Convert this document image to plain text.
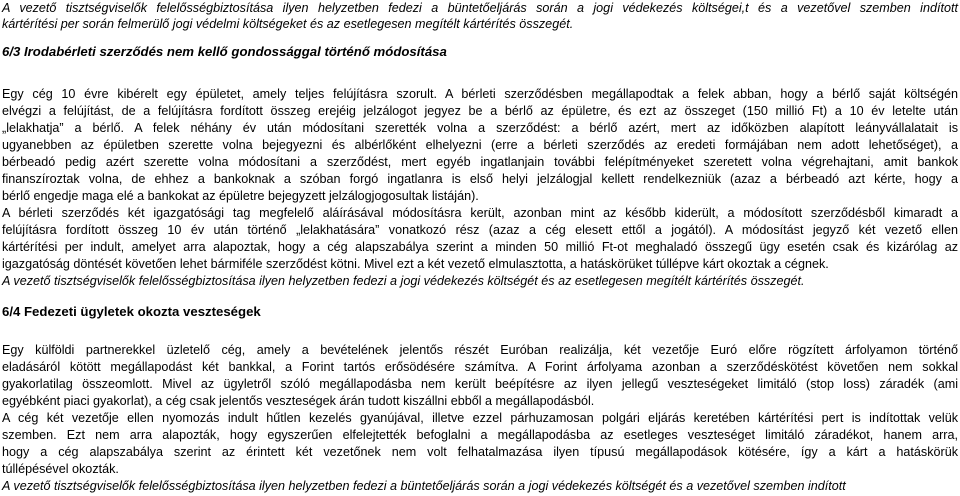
A vezető tisztségviselők felelősségbiztosítása ilyen helyzetben fedezi a büntetőeljárás során a jogi védekezés költségei,t és a vezetővel szemben indított
kártérítési per során felmerülő jogi védelmi költségeket és az esetlegesen megítélt kártérítés összegét.
6/3 Irodabérleti szerződés nem kellő gondossággal történő módosítása
Egy cég 10 évre kibérelt egy épületet, amely teljes felújításra szorult. A bérleti szerződésben megállapodtak a felek abban, hogy a bérlő saját költségén
elvégzi a felújítást, de a felújításra fordított összeg erejéig jelzálogot jegyez be a bérlő az épületre, és ezt az összeget (150 millió Ft) a 10 év letelte után
„lelakhatja” a bérlő. A felek néhány év után módosítani szerették volna a szerződést: a bérlő azért, mert az időközben alapított leányvállalatait is
ugyanebben az épületben szerette volna bejegyezni és albérlőként elhelyezni (erre a bérleti szerződés az eredeti formájában nem adott lehetőséget), a
bérbeadó pedig azért szerette volna módosítani a szerződést, mert egyéb ingatlanjain további felépítményeket szeretett volna végrehajtani, amit bankok
finanszíroztak volna, de ehhez a bankoknak a szóban forgó ingatlanra is első helyi jelzálogjal kellett rendelkezniük (azaz a bérbeadó azt kérte, hogy a
bérlő engedje maga elé a bankokat az épületre bejegyzett jelzálogjogosultak listáján).
A bérleti szerződés két igazgatósági tag megfelelő aláírásával módosításra került, azonban mint az később kiderült, a módosított szerződésből kimaradt a
felújításra fordított összeg 10 év után történő „lelakhatására” vonatkozó rész (azaz a cég elesett ettől a jogától). A módosítást jegyző két vezető ellen
kártérítési per indult, amelyet arra alapoztak, hogy a cég alapszabálya szerint a minden 50 millió Ft-ot meghaladó összegű ügy esetén csak és kizárólag az
igazgatóság döntését követően lehet bármiféle szerződést kötni. Mivel ezt a két vezető elmulasztotta, a hatáskörüket túllépve kárt okoztak a cégnek.
A vezető tisztségviselők felelősségbiztosítása ilyen helyzetben fedezi a jogi védekezés költségét és az esetlegesen megítélt kártérítés összegét.
6/4 Fedezeti ügyletek okozta veszteségek
Egy külföldi partnerekkel üzletelő cég, amely a bevételének jelentős részét Euróban realizálja, két vezetője Euró előre rögzített árfolyamon történő
eladásáról kötött megállapodást két bankkal, a Forint tartós erősödésére számítva. A Forint árfolyama azonban a szerződéskötést követően nem sokkal
gyakorlatilag összeomlott. Mivel az ügyletről szóló megállapodásba nem került beépítésre az ilyen jellegű veszteségeket limitáló (stop loss) záradék (ami
egyébként piaci gyakorlat), a cég csak jelentős veszteségek árán tudott kiszállni ebből a megállapodásból.
A cég két vezetője ellen nyomozás indult hűtlen kezelés gyanújával, illetve ezzel párhuzamosan polgári eljárás keretében kártérítési pert is indítottak velük
szemben. Ezt nem arra alapozták, hogy egyszerűen elfelejtették befoglalni a megállapodásba az esetleges veszteséget limitáló záradékot, hanem arra,
hogy a cég alapszabálya szerint az érintett két vezetőnek nem volt felhatalmazása ilyen típusú megállapodások kötésére, így a kárt a hatáskörük
túllépésével okozták.
A vezető tisztségviselők felelősségbiztosítása ilyen helyzetben fedezi a büntetőeljárás során a jogi védekezés költségét és a vezetővel szemben indított
